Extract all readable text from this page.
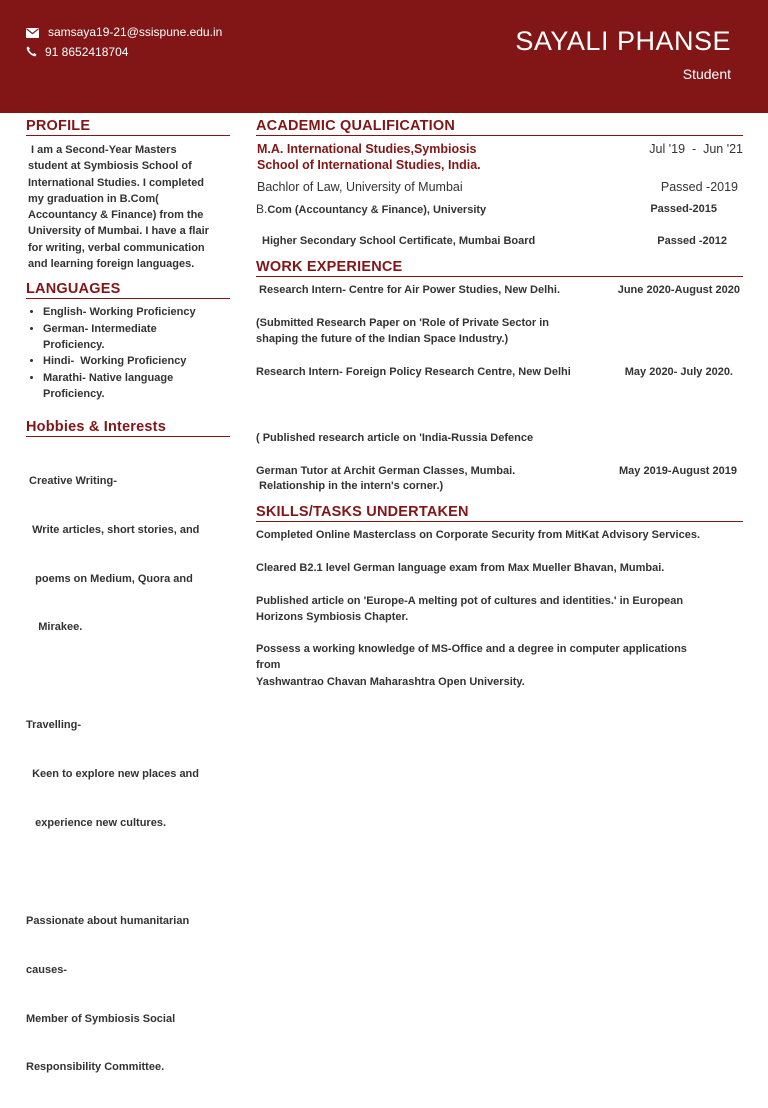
samsaya19-21@ssispune.edu.in
91 8652418704	SAYALI PHANSE
Student
PROFILE
I am a Second-Year Masters
student at Symbiosis School of
International Studies. I completed
my graduation in B.Com(
Accountancy & Finance) from the
University of Mumbai. I have a flair
for writing, verbal communication
and learning foreign languages.
LANGUAGES
• English- Working Proficiency
• German- Intermediate Proficiency.
• Hindi-  Working Proficiency
• Marathi- Native language Proficiency.
Hobbies & Interests

Creative Writing-

Write articles, short stories, and

poems on Medium, Quora and

Mirakee.

Travelling-

Keen to explore new places and

experience new cultures.

Passionate about humanitarian

causes-

Member of Symbiosis Social

Responsibility Committee.

ACADEMIC QUALIFICATION
M.A. International Studies,Symbiosis
School of International Studies, India.
Jul '19  -  Jun '21
Bachlor of Law, University of Mumbai	Passed -2019
B.Com (Accountancy & Finance), University	Passed-2015
Higher Secondary School Certificate, Mumbai Board	Passed -2012
WORK EXPERIENCE
Research Intern- Centre for Air Power Studies, New Delhi.	June 2020-August 2020
(Submitted Research Paper on 'Role of Private Sector in
shaping the future of the Indian Space Industry.)
Research Intern- Foreign Policy Research Centre, New Delhi	May 2020- July 2020.

( Published research article on 'India-Russia Defence

Relationship in the intern's corner.)

German Tutor at Archit German Classes, Mumbai.	May 2019-August 2019
SKILLS/TASKS UNDERTAKEN
Completed Online Masterclass on Corporate Security from MitKat Advisory Services.
Cleared B2.1 level German language exam from Max Mueller Bhavan, Mumbai.
Published article on 'Europe-A melting pot of cultures and identities.' in European
Horizons Symbiosis Chapter.
Possess a working knowledge of MS-Office and a degree in computer applications
from
Yashwantrao Chavan Maharashtra Open University.
